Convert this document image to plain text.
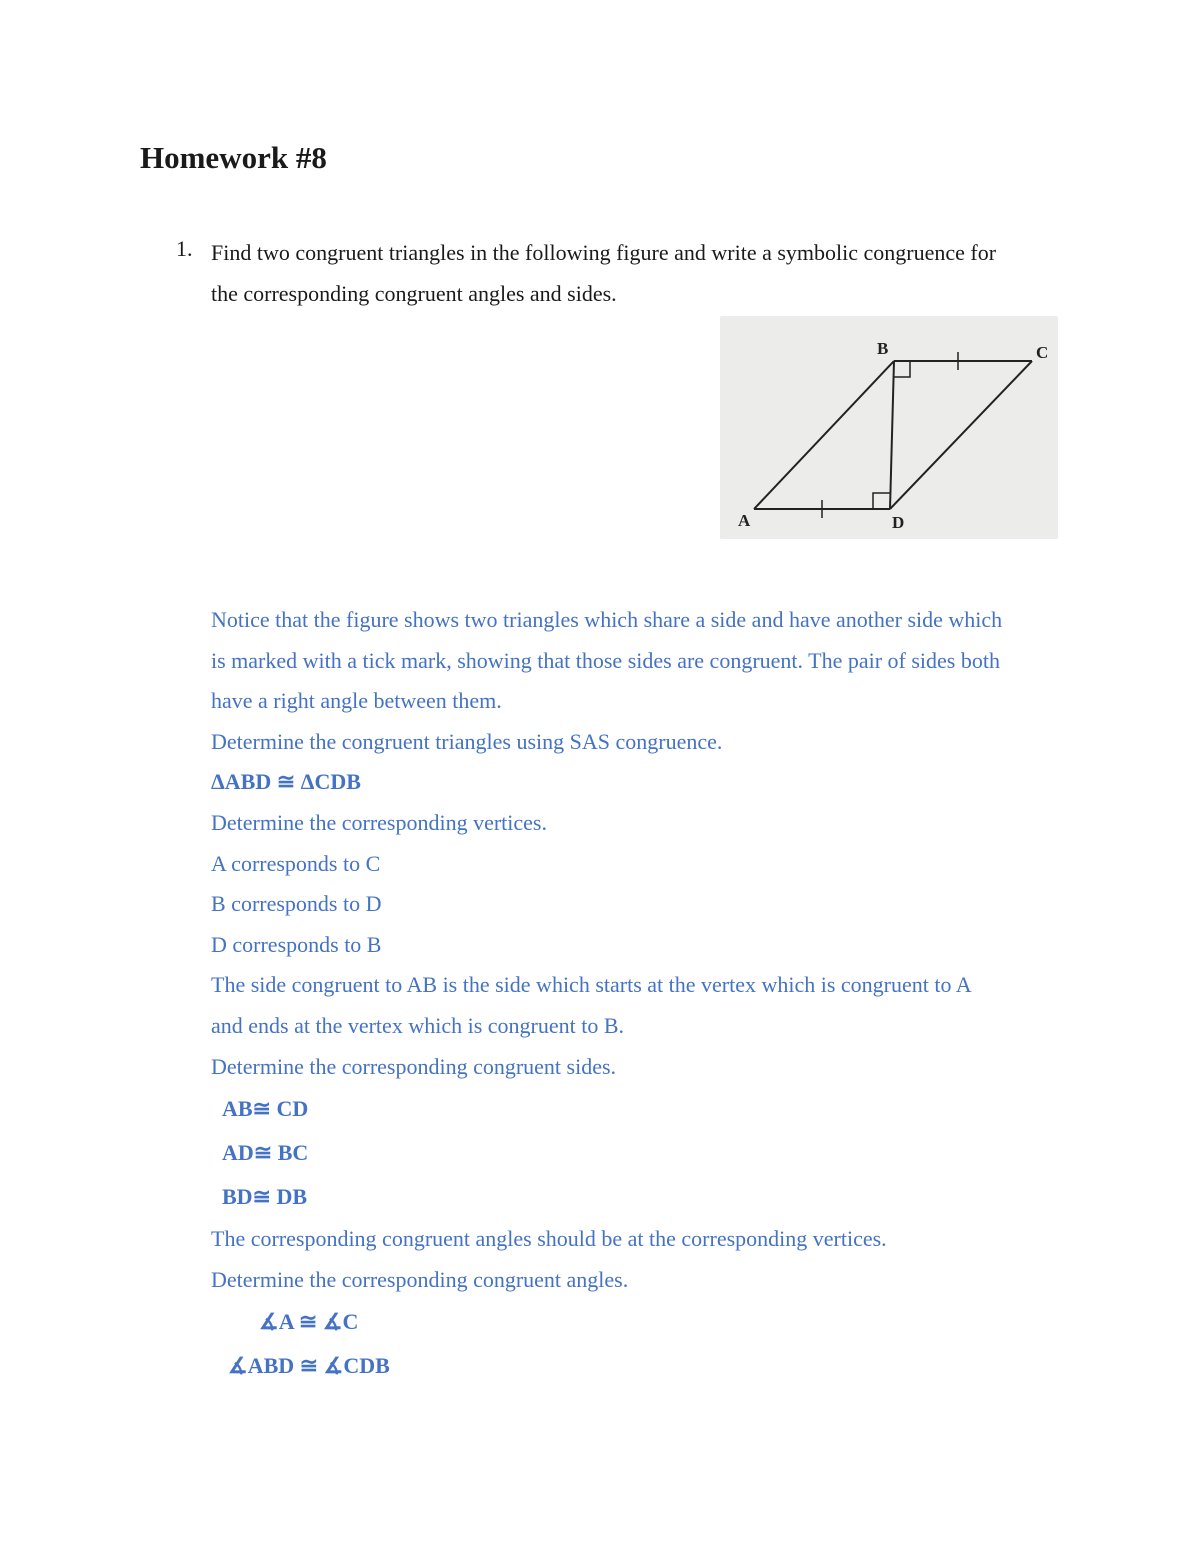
Homework #8
1. Find two congruent triangles in the following figure and write a symbolic congruence for
the corresponding congruent angles and sides.
B	C
A	D
Notice that the figure shows two triangles which share a side and have another side which
is marked with a tick mark, showing that those sides are congruent. The pair of sides both
have a right angle between them.
Determine the congruent triangles using SAS congruence.
ΔABD ≅ ΔCDB
Determine the corresponding vertices.
A corresponds to C
B corresponds to D
D corresponds to B
The side congruent to AB is the side which starts at the vertex which is congruent to A
and ends at the vertex which is congruent to B.
Determine the corresponding congruent sides.
AB≅ CD
AD≅ BC
BD≅ DB
The corresponding congruent angles should be at the corresponding vertices.
Determine the corresponding congruent angles.
∡A ≅ ∡C
∡ABD ≅ ∡CDB
